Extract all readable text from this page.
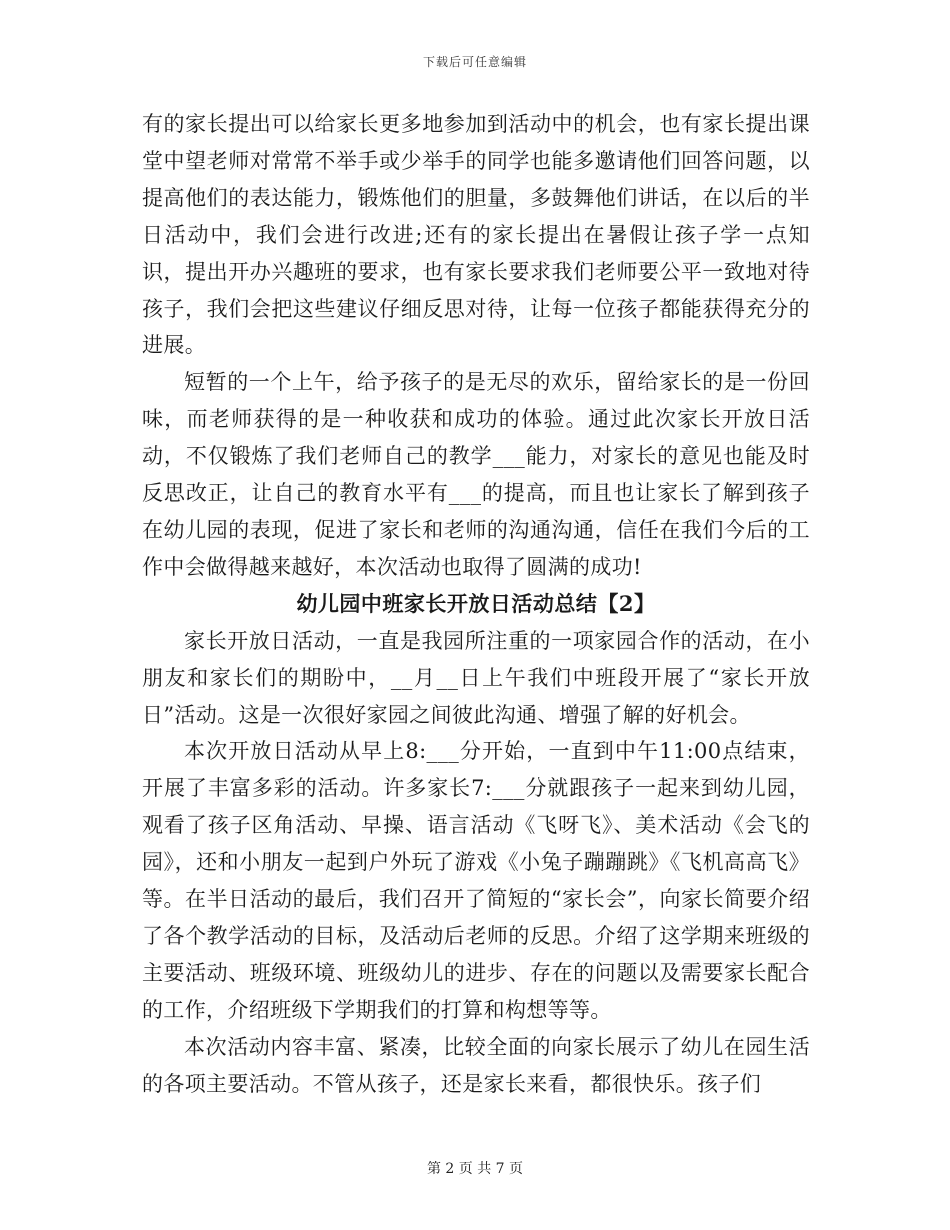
下载后可任意编辑

有的家长提出可以给家长更多地参加到活动中的机会，也有家长提出课堂中望老师对常常不举手或少举手的同学也能多邀请他们回答问题，以提高他们的表达能力，锻炼他们的胆量，多鼓舞他们讲话，在以后的半日活动中，我们会进行改进;还有的家长提出在暑假让孩子学一点知识，提出开办兴趣班的要求，也有家长要求我们老师要公平一致地对待孩子，我们会把这些建议仔细反思对待，让每一位孩子都能获得充分的进展。

短暂的一个上午，给予孩子的是无尽的欢乐，留给家长的是一份回味，而老师获得的是一种收获和成功的体验。通过此次家长开放日活动，不仅锻炼了我们老师自己的教学___能力，对家长的意见也能及时反思改正，让自己的教育水平有___的提高，而且也让家长了解到孩子在幼儿园的表现，促进了家长和老师的沟通沟通，信任在我们今后的工作中会做得越来越好，本次活动也取得了圆满的成功!

幼儿园中班家长开放日活动总结【2】

家长开放日活动，一直是我园所注重的一项家园合作的活动，在小朋友和家长们的期盼中，__月__日上午我们中班段开展了“家长开放日”活动。这是一次很好家园之间彼此沟通、增强了解的好机会。

本次开放日活动从早上8:___分开始，一直到中午11:00点结束，开展了丰富多彩的活动。许多家长7:___分就跟孩子一起来到幼儿园，观看了孩子区角活动、早操、语言活动《飞呀飞》、美术活动《会飞的园》，还和小朋友一起到户外玩了游戏《小兔子蹦蹦跳》《飞机高高飞》等。在半日活动的最后，我们召开了简短的“家长会”，向家长简要介绍了各个教学活动的目标，及活动后老师的反思。介绍了这学期来班级的主要活动、班级环境、班级幼儿的进步、存在的问题以及需要家长配合的工作，介绍班级下学期我们的打算和构想等等。

本次活动内容丰富、紧凑，比较全面的向家长展示了幼儿在园生活的各项主要活动。不管从孩子，还是家长来看，都很快乐。孩子们

第 2 页 共 7 页
